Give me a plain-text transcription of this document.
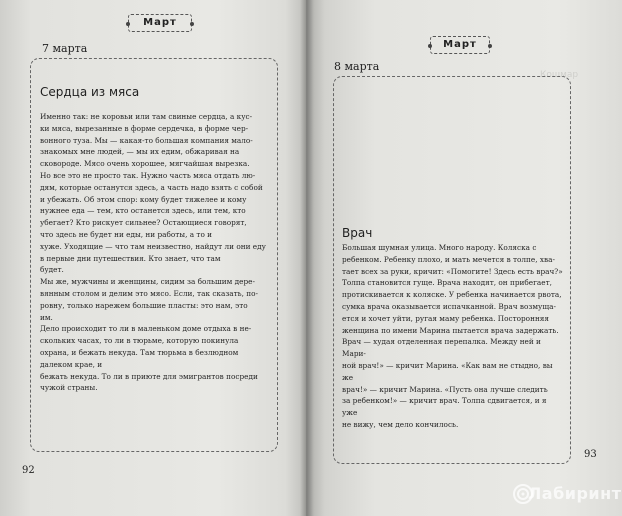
Март
7 марта
Сердца из мяса
Именно так: не коровьи или там свиные сердца, а кус-
ки мяса, вырезанные в форме сердечка, в форме чер-
вонного туза. Мы — какая-то большая компания мало-
знакомых мне людей, — мы их едим, обжаривая на
сковороде. Мясо очень хорошее, мягчайшая вырезка.
Но все это не просто так. Нужно часть мяса отдать лю-
дям, которые останутся здесь, а часть надо взять с собой
и убежать. Об этом спор: кому будет тяжелее и кому
нужнее еда — тем, кто останется здесь, или тем, кто
убегает? Кто рискует сильнее? Остающиеся говорят,
что здесь не будет ни еды, ни работы, а то и
хуже. Уходящие — что там неизвестно, найдут ли они еду
в первые дни путешествия. Кто знает, что там
будет.
Мы же, мужчины и женщины, сидим за большим дере-
вянным столом и делим это мясо. Если, так сказать, по-
ровну, только нарежем большие пласты: это нам, это
им.
Дело происходит то ли в маленьком доме отдыха в не-
скольких часах, то ли в тюрьме, которую покинула
охрана, и бежать некуда. Там тюрьма в безлюдном далеком крае, и
бежать некуда. То ли в приюте для эмигрантов посреди
чужой страны.
92
Март
Кошмар
8 марта
Врач
Большая шумная улица. Много народу. Коляска с
ребенком. Ребенку плохо, и мать мечется в толпе, хва-
тает всех за руки, кричит: «Помогите! Здесь есть врач?»
Толпа становится гуще. Врача находят, он прибегает,
протискивается к коляске. У ребенка начинается рвота,
сумка врача оказывается испачканной. Врач возмуща-
ется и хочет уйти, ругая маму ребенка. Посторонняя
женщина по имени Марина пытается врача задержать.
Врач — худая отделенная перепалка. Между ней и Мари-
ной врач!» — кричит Марина. «Как вам не стыдно, вы же
врач!» — кричит Марина. «Пусть она лучше следить
за ребенком!» — кричит врач. Толпа сдвигается, и я уже
не вижу, чем дело кончилось.
93
Лабиринт
